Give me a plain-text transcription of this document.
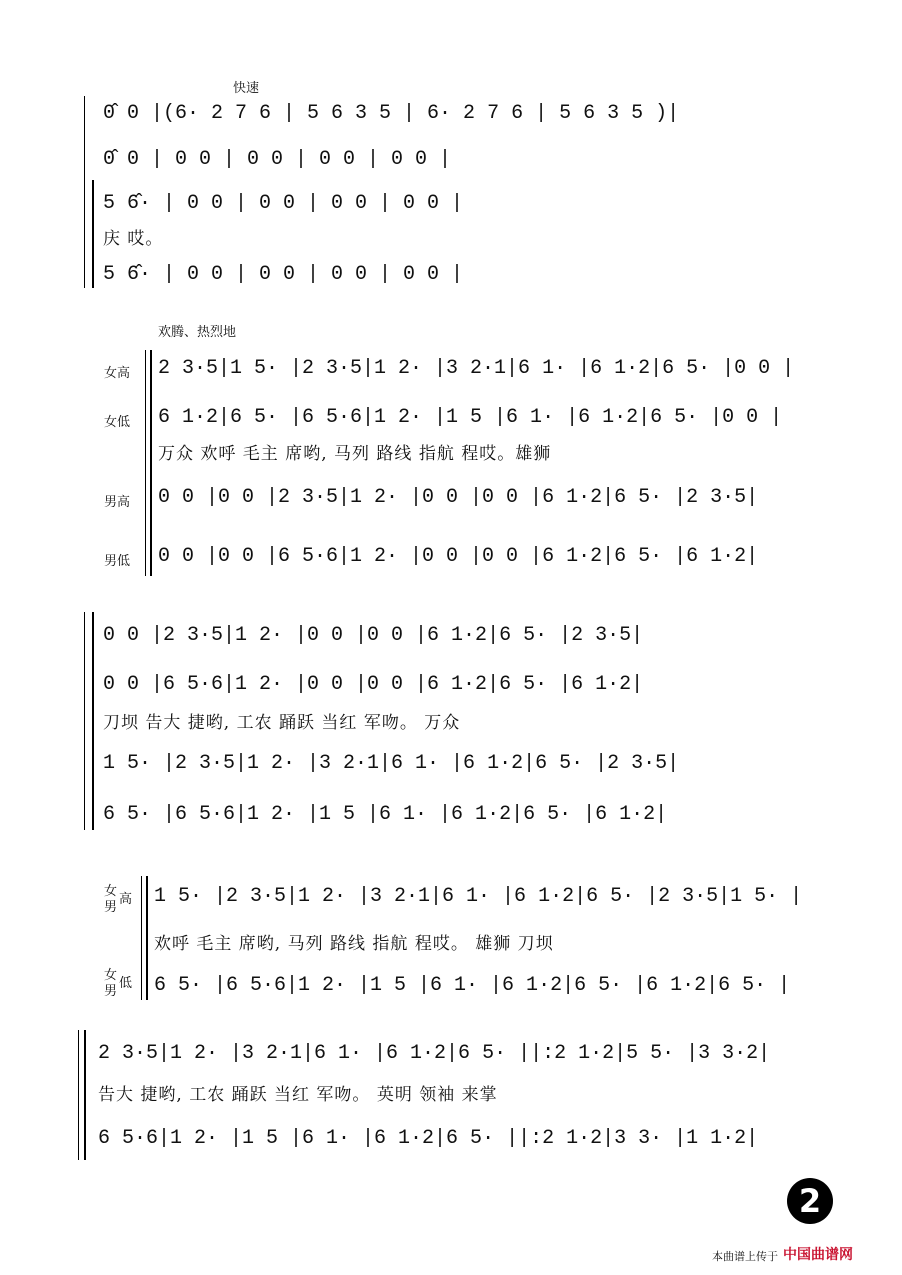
快速
欢腾、热烈地
0̂ 0 |(6· 2 7 6 | 5 6 3 5 | 6· 2 7 6 | 5 6 3 5 )|
0̂ 0 | 0 0 | 0 0 | 0 0 | 0 0 |
5 6̂· | 0 0 | 0 0 | 0 0 | 0 0 |
庆 哎。
5 6̂· | 0 0 | 0 0 | 0 0 | 0 0 |
女高
女低
男高
男低
2 3·5|1 5· |2 3·5|1 2· |3 2·1|6 1· |6 1·2|6 5· |0 0 |
6 1·2|6 5· |6 5·6|1 2· |1 5 |6 1· |6 1·2|6 5· |0 0 |
万众 欢呼 毛主 席哟, 马列 路线 指航 程哎。雄狮
0 0 |0 0 |2 3·5|1 2· |0 0 |0 0 |6 1·2|6 5· |2 3·5|
0 0 |0 0 |6 5·6|1 2· |0 0 |0 0 |6 1·2|6 5· |6 1·2|
0 0 |2 3·5|1 2· |0 0 |0 0 |6 1·2|6 5· |2 3·5|
0 0 |6 5·6|1 2· |0 0 |0 0 |6 1·2|6 5· |6 1·2|
刀坝 告大 捷哟, 工农 踊跃 当红 军吻。 万众
1 5· |2 3·5|1 2· |3 2·1|6 1· |6 1·2|6 5· |2 3·5|
6 5· |6 5·6|1 2· |1 5 |6 1· |6 1·2|6 5· |6 1·2|
女
男
高
女
男
低
1 5· |2 3·5|1 2· |3 2·1|6 1· |6 1·2|6 5· |2 3·5|1 5· |
欢呼 毛主 席哟, 马列 路线 指航 程哎。 雄狮 刀坝
6 5· |6 5·6|1 2· |1 5 |6 1· |6 1·2|6 5· |6 1·2|6 5· |
2 3·5|1 2· |3 2·1|6 1· |6 1·2|6 5· ||:2 1·2|5 5· |3 3·2|
告大 捷哟, 工农 踊跃 当红 军吻。 英明 领袖 来掌
6 5·6|1 2· |1 5 |6 1· |6 1·2|6 5· ||:2 1·2|3 3· |1 1·2|
2
本曲谱上传于 中国曲谱网
